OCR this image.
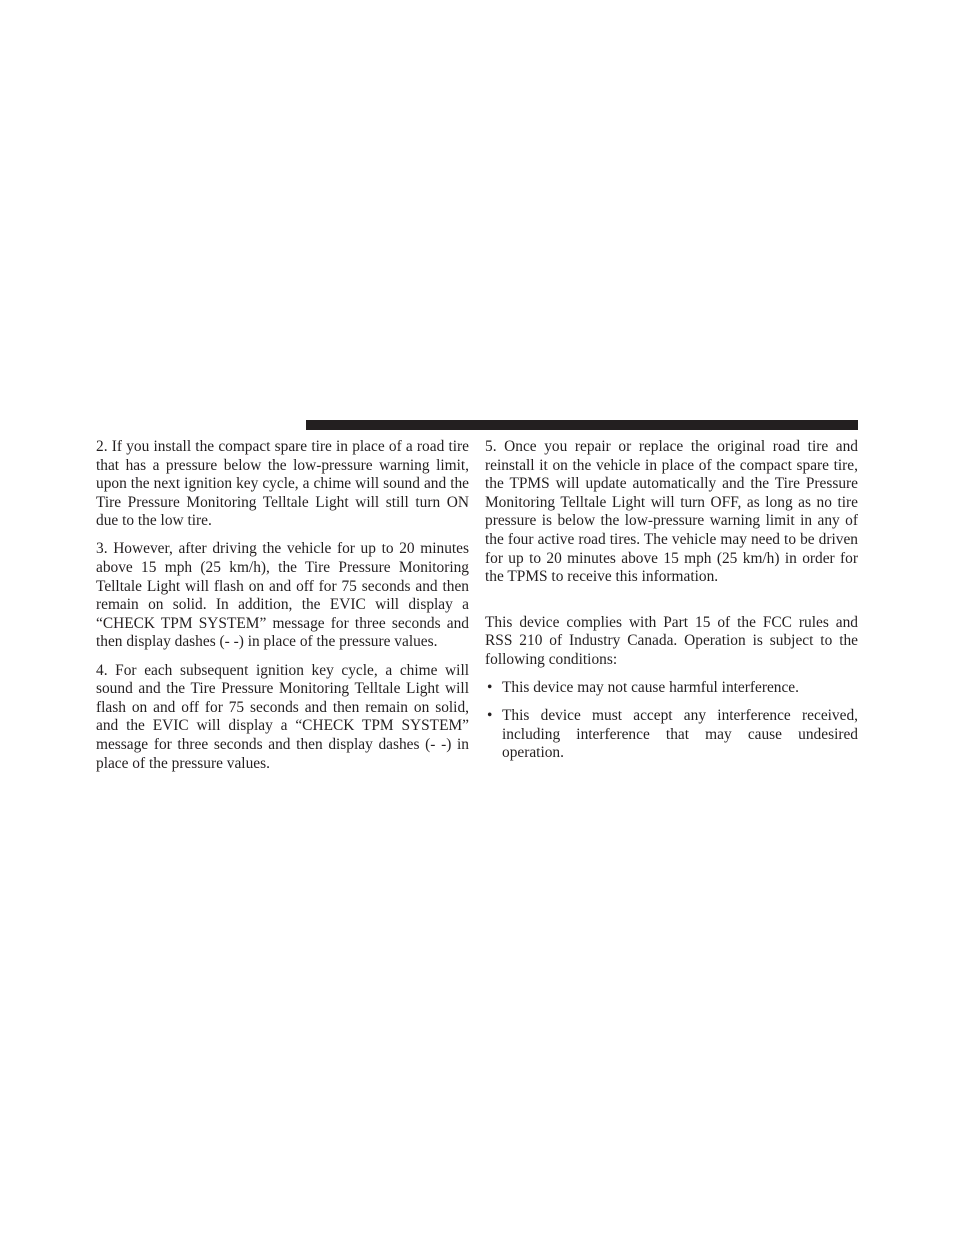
2. If you install the compact spare tire in place of a road tire that has a pressure below the low-pressure warning limit, upon the next ignition key cycle, a chime will sound and the Tire Pressure Monitoring Telltale Light will still turn ON due to the low tire.

3. However, after driving the vehicle for up to 20 minutes above 15 mph (25 km/h), the Tire Pressure Monitoring Telltale Light will flash on and off for 75 seconds and then remain on solid. In addition, the EVIC will display a “CHECK TPM SYSTEM” message for three seconds and then display dashes (- -) in place of the pressure values.

4. For each subsequent ignition key cycle, a chime will sound and the Tire Pressure Monitoring Telltale Light will flash on and off for 75 seconds and then remain on solid, and the EVIC will display a “CHECK TPM SYSTEM” message for three seconds and then display dashes (- -) in place of the pressure values.

5. Once you repair or replace the original road tire and reinstall it on the vehicle in place of the compact spare tire, the TPMS will update automatically and the Tire Pressure Monitoring Telltale Light will turn OFF, as long as no tire pressure is below the low-pressure warning limit in any of the four active road tires. The vehicle may need to be driven for up to 20 minutes above 15 mph (25 km/h) in order for the TPMS to receive this information.

This device complies with Part 15 of the FCC rules and RSS 210 of Industry Canada. Operation is subject to the following conditions:

• This device may not cause harmful interference.
• This device must accept any interference received, including interference that may cause undesired operation.
